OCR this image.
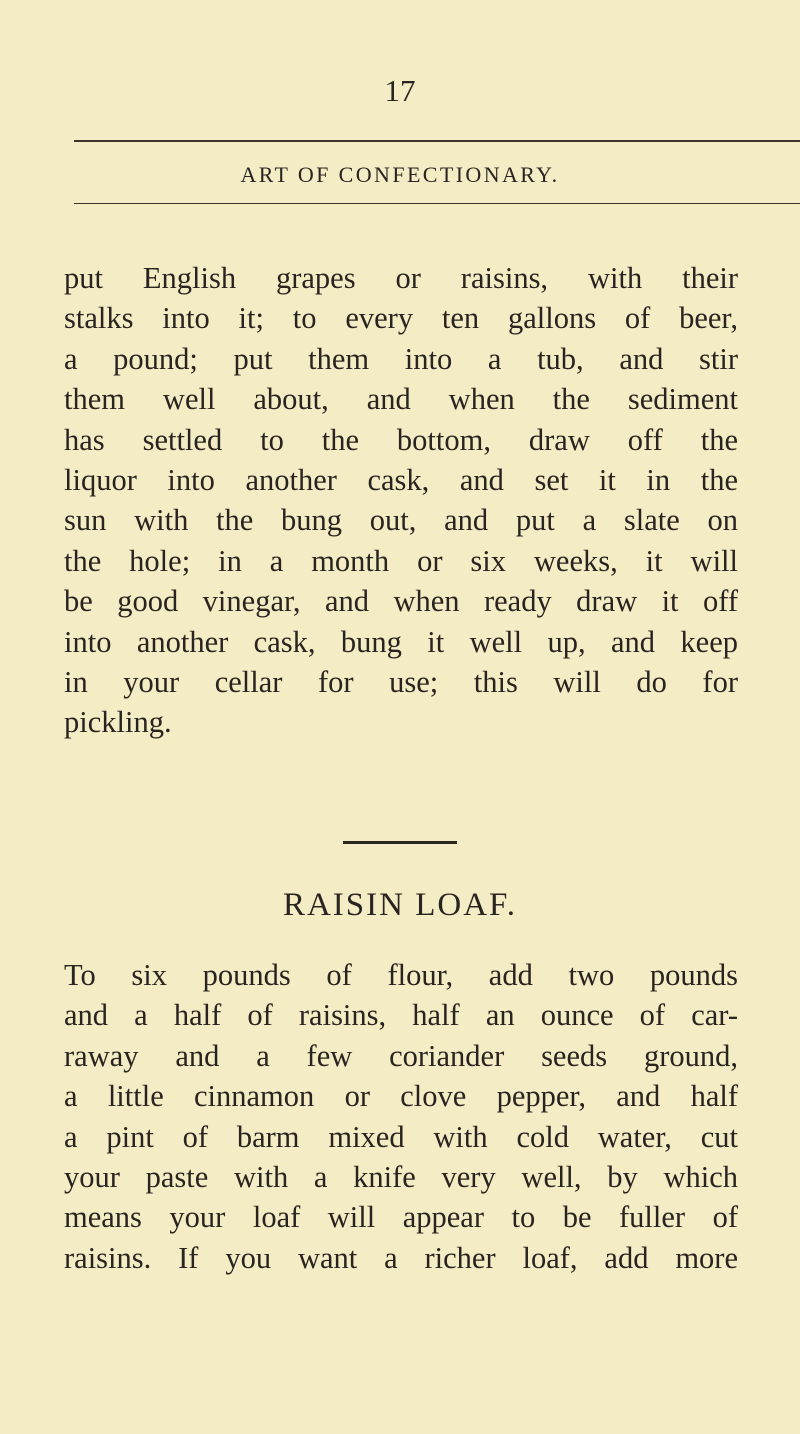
17
ART OF CONFECTIONARY.
put English grapes or raisins, with their
stalks into it; to every ten gallons of beer,
a pound; put them into a tub, and stir
them well about, and when the sediment
has settled to the bottom, draw off the
liquor into another cask, and set it in the
sun with the bung out, and put a slate on
the hole; in a month or six weeks, it will
be good vinegar, and when ready draw it off
into another cask, bung it well up, and keep
in your cellar for use; this will do for
pickling.
RAISIN LOAF.
To six pounds of flour, add two pounds
and a half of raisins, half an ounce of car-
raway and a few coriander seeds ground,
a little cinnamon or clove pepper, and half
a pint of barm mixed with cold water, cut
your paste with a knife very well, by which
means your loaf will appear to be fuller of
raisins. If you want a richer loaf, add more
